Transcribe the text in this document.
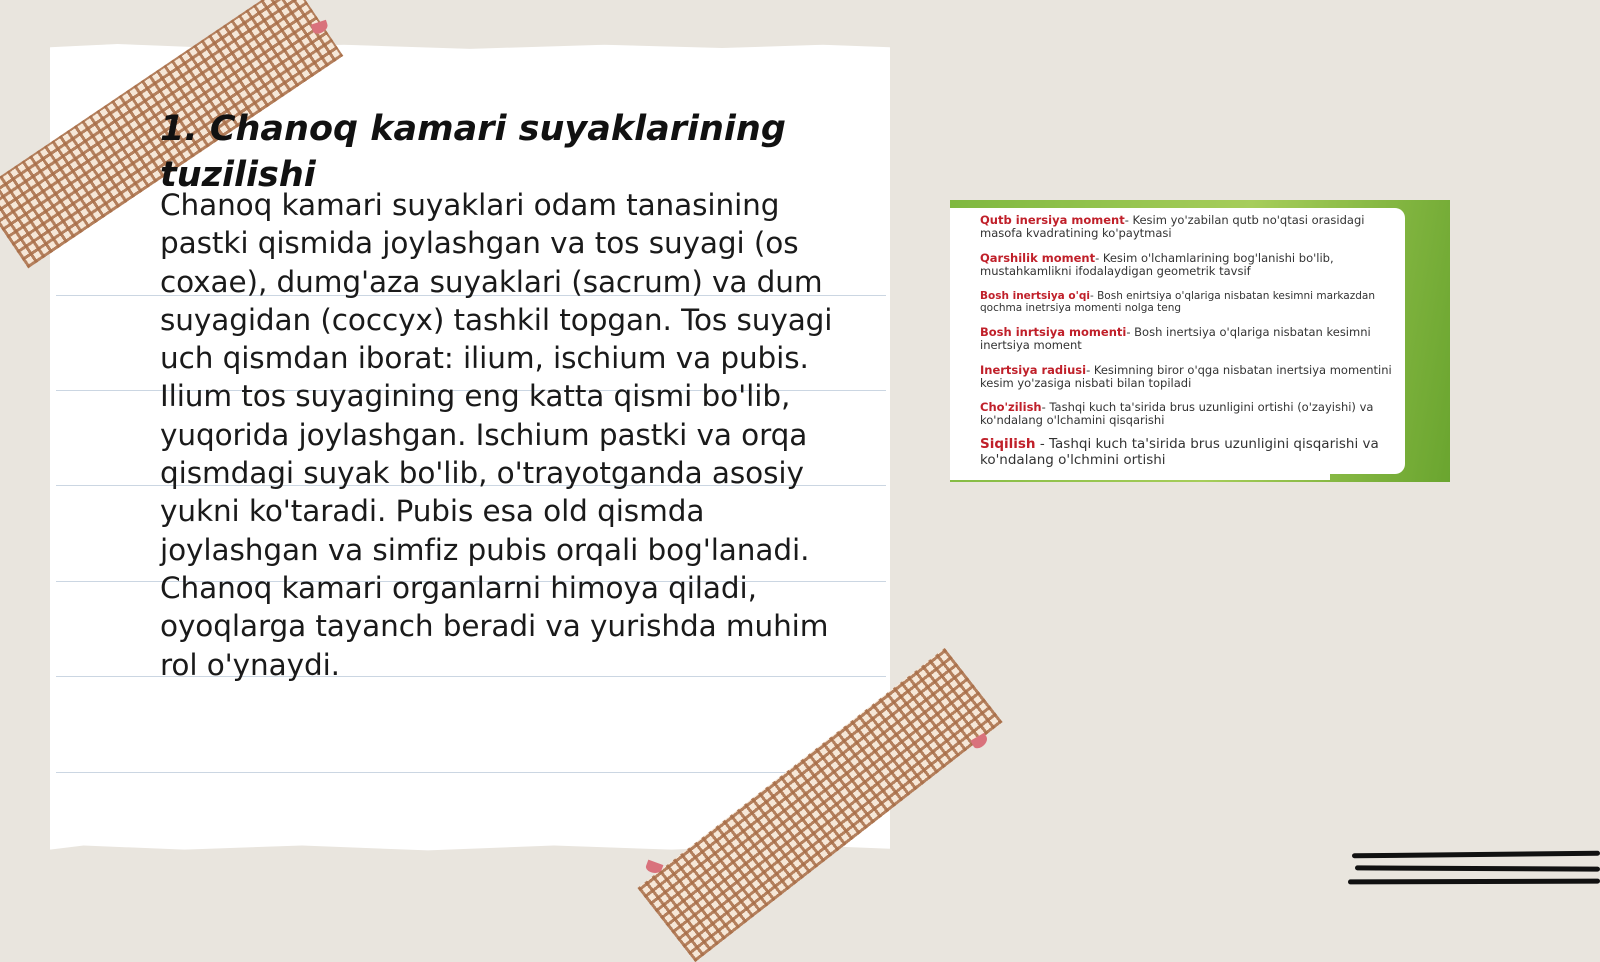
1. Chanoq kamari suyaklarining tuzilishi

Chanoq kamari suyaklari odam tanasining pastki qismida joylashgan va tos suyagi (os coxae), dumg'aza suyaklari (sacrum) va dum suyagidan (coccyx) tashkil topgan. Tos suyagi uch qismdan iborat: ilium, ischium va pubis. Ilium tos suyagining eng katta qismi bo'lib, yuqorida joylashgan. Ischium pastki va orqa qismdagi suyak bo'lib, o'trayotganda asosiy yukni ko'taradi. Pubis esa old qismda joylashgan va simfiz pubis orqali bog'lanadi. Chanoq kamari organlarni himoya qiladi, oyoqlarga tayanch beradi va yurishda muhim rol o'ynaydi.

Qutb inersiya moment- Kesim yo'zabilan qutb no'qtasi orasidagi masofa kvadratining ko'paytmasi
Qarshilik moment- Kesim o'lchamlarining bog'lanishi bo'lib, mustahkamlikni ifodalaydigan geometrik tavsif
Bosh inertsiya o'qi- Bosh enirtsiya o'qlariga nisbatan kesimni markazdan qochma inetrsiya momenti nolga teng
Bosh inrtsiya momenti- Bosh inertsiya o'qlariga nisbatan kesimni inertsiya moment
Inertsiya radiusi- Kesimning biror o'qga nisbatan inertsiya momentini kesim yo'zasiga nisbati bilan topiladi
Cho'zilish- Tashqi kuch ta'sirida brus uzunligini ortishi (o'zayishi) va ko'ndalang o'lchamini qisqarishi
Siqilish - Tashqi kuch ta'sirida brus uzunligini qisqarishi va ko'ndalang o'lchmini ortishi
